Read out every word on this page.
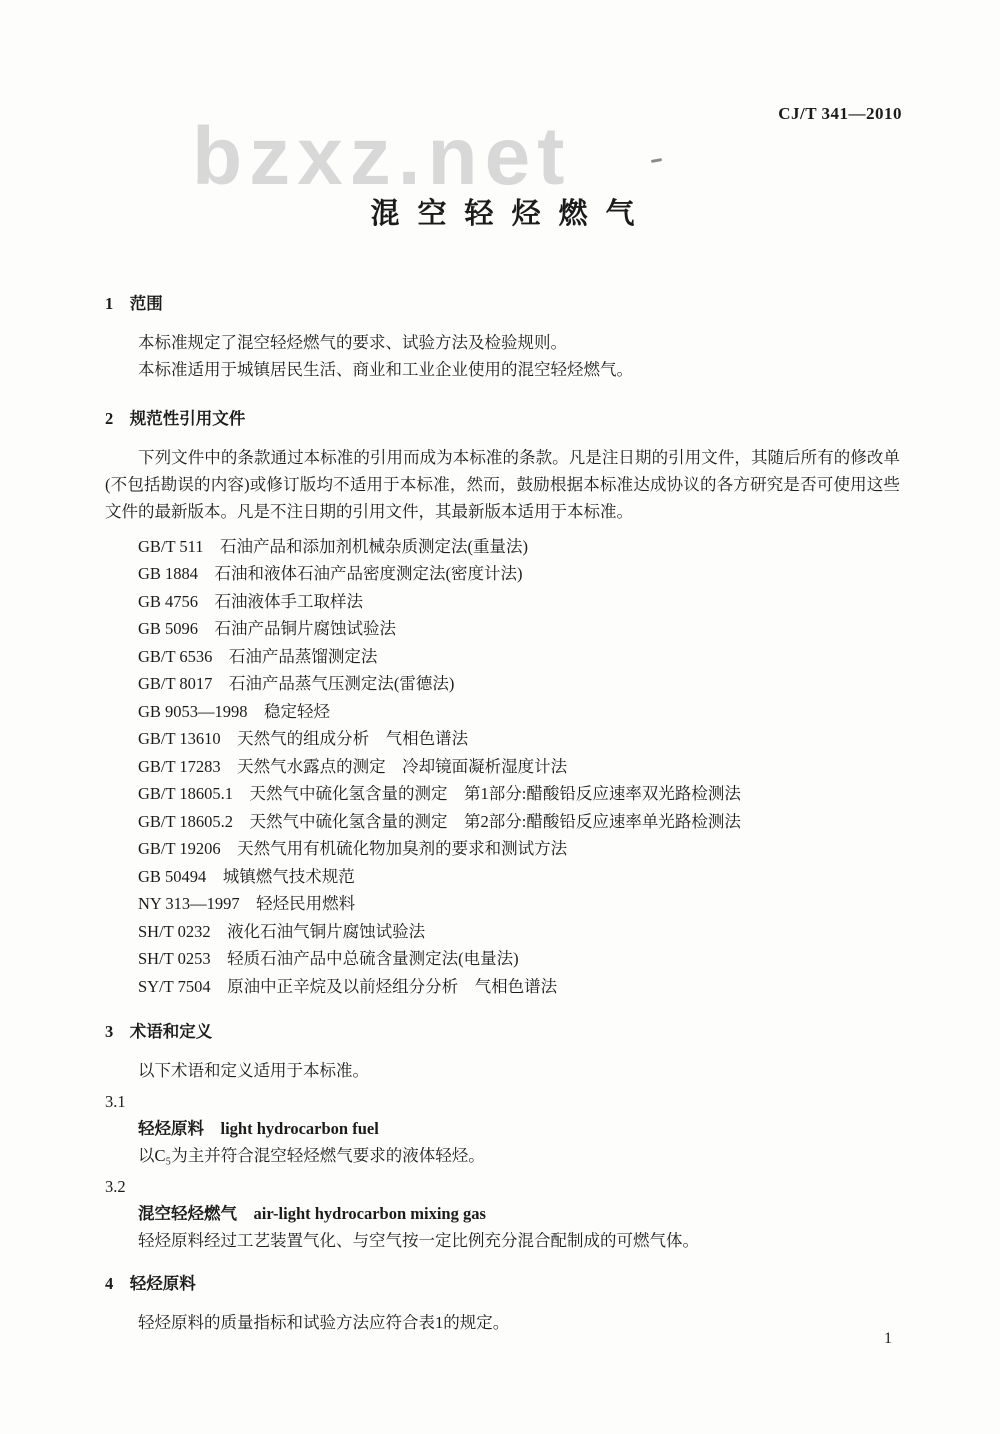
CJ/T 341—2010
bzxz.net
混空轻烃燃气
1　范围

本标准规定了混空轻烃燃气的要求、试验方法及检验规则。

本标准适用于城镇居民生活、商业和工业企业使用的混空轻烃燃气。

2　规范性引用文件

下列文件中的条款通过本标准的引用而成为本标准的条款。凡是注日期的引用文件，其随后所有的修改单(不包括勘误的内容)或修订版均不适用于本标准，然而，鼓励根据本标准达成协议的各方研究是否可使用这些文件的最新版本。凡是不注日期的引用文件，其最新版本适用于本标准。

GB/T 511　石油产品和添加剂机械杂质测定法(重量法)

GB 1884　石油和液体石油产品密度测定法(密度计法)

GB 4756　石油液体手工取样法

GB 5096　石油产品铜片腐蚀试验法

GB/T 6536　石油产品蒸馏测定法

GB/T 8017　石油产品蒸气压测定法(雷德法)

GB 9053—1998　稳定轻烃

GB/T 13610　天然气的组成分析　气相色谱法

GB/T 17283　天然气水露点的测定　冷却镜面凝析湿度计法

GB/T 18605.1　天然气中硫化氢含量的测定　第1部分:醋酸铅反应速率双光路检测法

GB/T 18605.2　天然气中硫化氢含量的测定　第2部分:醋酸铅反应速率单光路检测法

GB/T 19206　天然气用有机硫化物加臭剂的要求和测试方法

GB 50494　城镇燃气技术规范

NY 313—1997　轻烃民用燃料

SH/T 0232　液化石油气铜片腐蚀试验法

SH/T 0253　轻质石油产品中总硫含量测定法(电量法)

SY/T 7504　原油中正辛烷及以前烃组分分析　气相色谱法

3　术语和定义

以下术语和定义适用于本标准。

3.1

轻烃原料　light hydrocarbon fuel

以C₅为主并符合混空轻烃燃气要求的液体轻烃。

3.2

混空轻烃燃气　air-light hydrocarbon mixing gas

轻烃原料经过工艺装置气化、与空气按一定比例充分混合配制成的可燃气体。

4　轻烃原料

轻烃原料的质量指标和试验方法应符合表1的规定。

1
